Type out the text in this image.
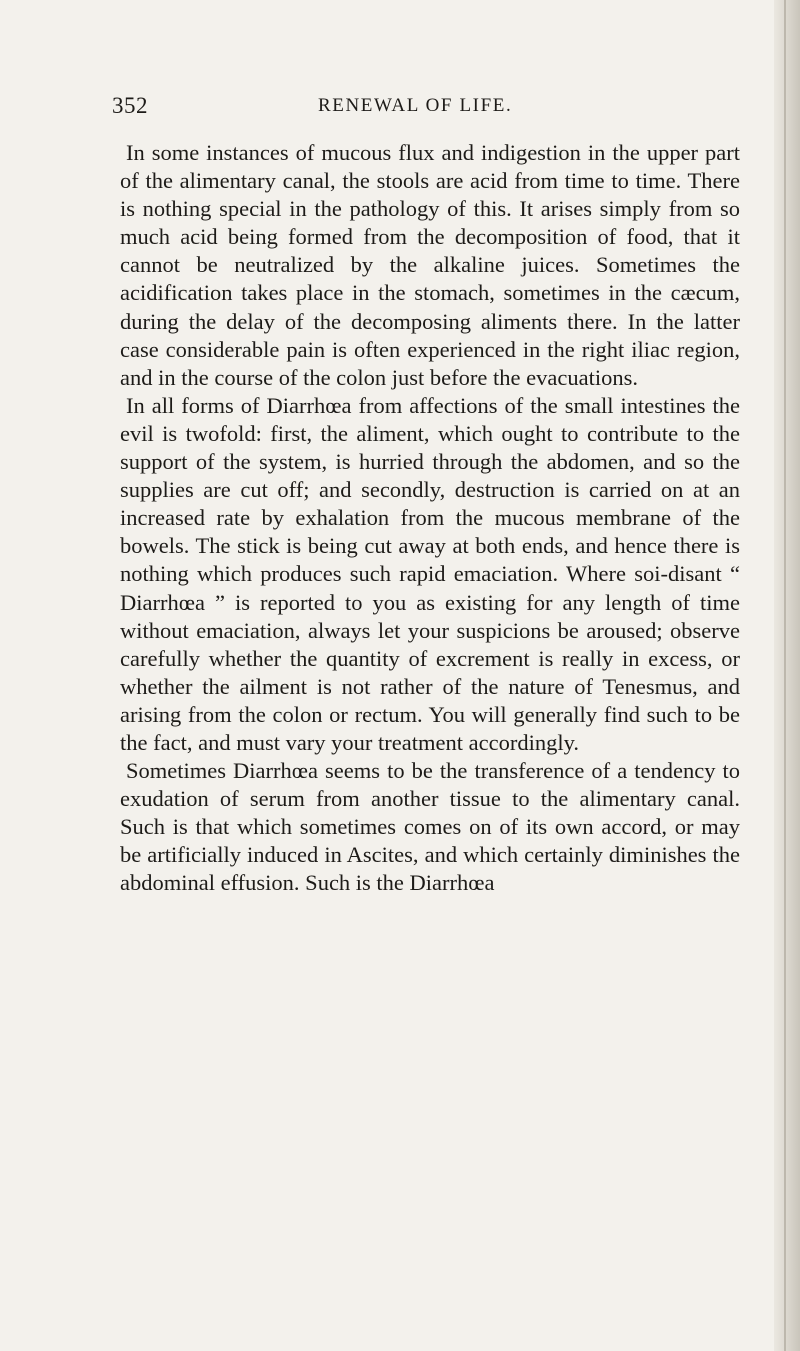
352	RENEWAL OF LIFE.

In some instances of mucous flux and indigestion in the upper part of the alimentary canal, the stools are acid from time to time. There is nothing special in the pathology of this. It arises simply from so much acid being formed from the decomposition of food, that it cannot be neutralized by the alkaline juices. Sometimes the acidification takes place in the stomach, sometimes in the cæcum, during the delay of the decomposing aliments there. In the latter case considerable pain is often experienced in the right iliac region, and in the course of the colon just before the evacuations.

In all forms of Diarrhœa from affections of the small intestines the evil is twofold: first, the aliment, which ought to contribute to the support of the system, is hurried through the abdomen, and so the supplies are cut off; and secondly, destruction is carried on at an increased rate by exhalation from the mucous membrane of the bowels. The stick is being cut away at both ends, and hence there is nothing which produces such rapid emaciation. Where soi-disant “ Diarrhœa ” is reported to you as existing for any length of time without emaciation, always let your suspicions be aroused; observe carefully whether the quantity of excrement is really in excess, or whether the ailment is not rather of the nature of Tenesmus, and arising from the colon or rectum. You will generally find such to be the fact, and must vary your treatment accordingly.

Sometimes Diarrhœa seems to be the transference of a tendency to exudation of serum from another tissue to the alimentary canal. Such is that which sometimes comes on of its own accord, or may be artificially induced in Ascites, and which certainly diminishes the abdominal effusion. Such is the Diarrhœa
